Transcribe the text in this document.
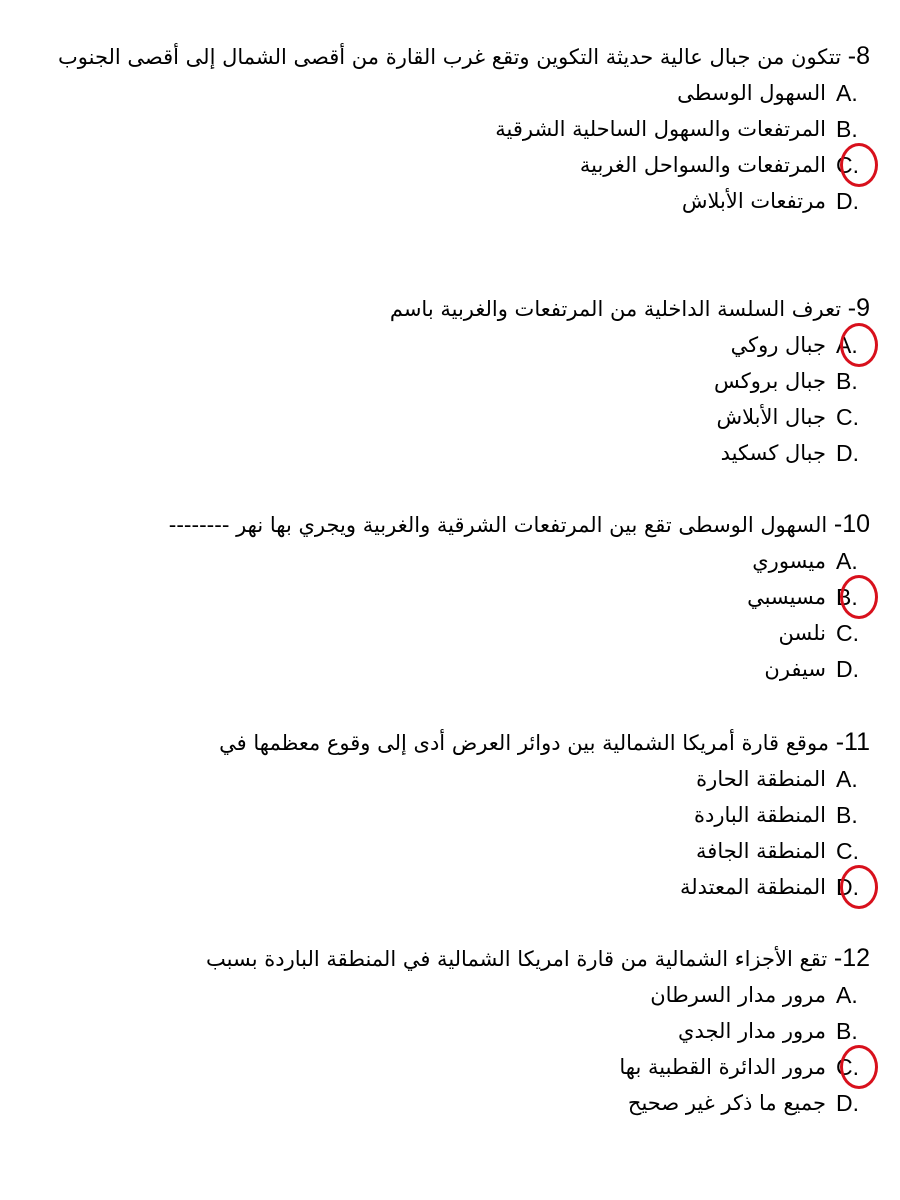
8- تتكون من جبال عالية حديثة التكوين وتقع غرب القارة من أقصى الشمال إلى أقصى الجنوب

A.
السهول الوسطى
B.
المرتفعات والسهول الساحلية الشرقية
C.
المرتفعات والسواحل الغربية
D.
مرتفعات الأبلاش

9- تعرف السلسة الداخلية من المرتفعات والغربية باسم

A.
جبال روكي
B.
جبال بروكس
C.
جبال الأبلاش
D.
جبال كسكيد

10- السهول الوسطى تقع بين المرتفعات الشرقية والغربية ويجري بها نهر --------

A.
ميسوري
B.
مسيسبي
C.
نلسن
D.
سيفرن

11- موقع قارة أمريكا الشمالية بين دوائر العرض أدى إلى وقوع معظمها في

A.
المنطقة الحارة
B.
المنطقة الباردة
C.
المنطقة الجافة
D.
المنطقة المعتدلة

12- تقع الأجزاء الشمالية من قارة امريكا الشمالية في المنطقة الباردة بسبب

A.
مرور مدار السرطان
B.
مرور مدار الجدي
C.
مرور الدائرة القطبية بها
D.
جميع ما ذكر غير صحيح
